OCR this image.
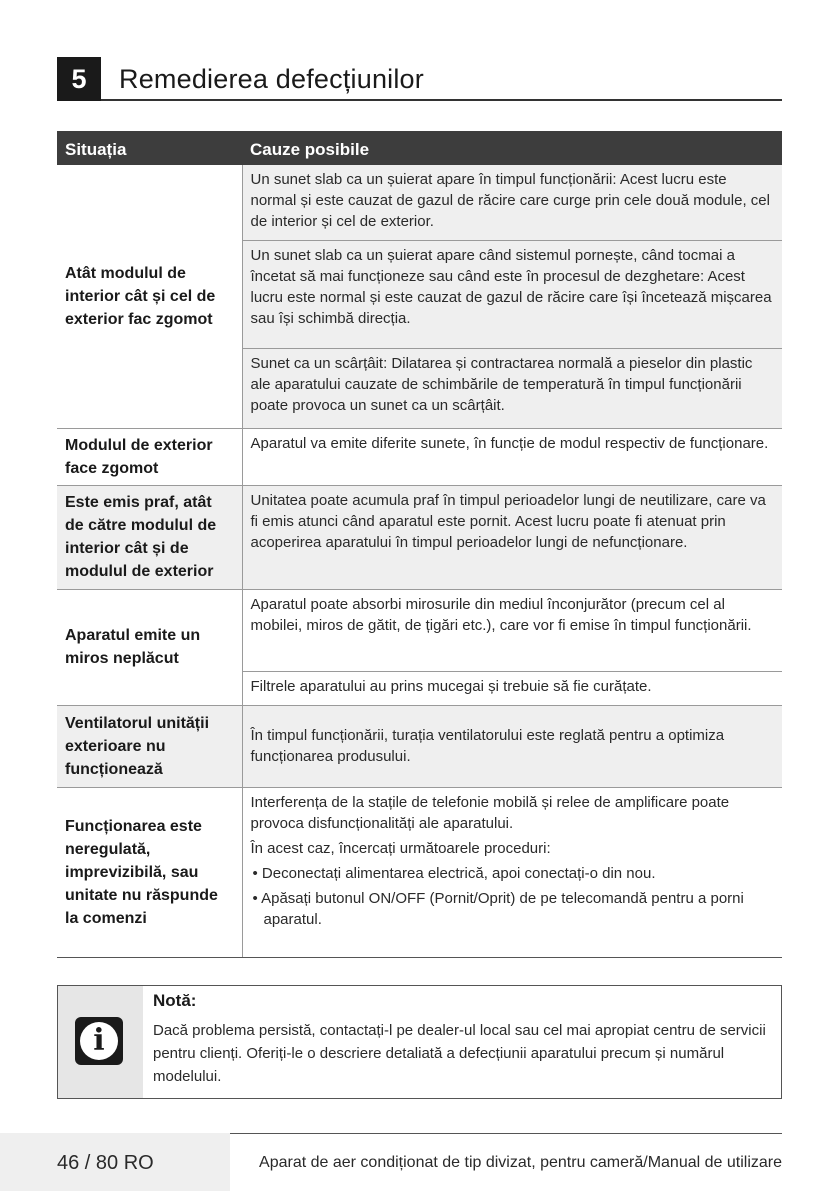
5	Remedierea defecțiunilor
Situația	Cauze posibile
Atât modulul de interior cât și cel de exterior fac zgomot	Un sunet slab ca un șuierat apare în timpul funcționării: Acest lucru este normal și este cauzat de gazul de răcire care curge prin cele două module, cel de interior și cel de exterior.
	Un sunet slab ca un șuierat apare când sistemul pornește, când tocmai a încetat să mai funcționeze sau când este în procesul de dezghetare: Acest lucru este normal și este cauzat de gazul de răcire care își încetează mișcarea sau își schimbă direcția.
	Sunet ca un scârțâit: Dilatarea și contractarea normală a pieselor din plastic ale aparatului cauzate de schimbările de temperatură în timpul funcționării poate provoca un sunet ca un scârțâit.
Modulul de exterior face zgomot	Aparatul va emite diferite sunete, în funcție de modul respectiv de funcționare.
Este emis praf, atât de către modulul de interior cât și de modulul de exterior	Unitatea poate acumula praf în timpul perioadelor lungi de neutilizare, care va fi emis atunci când aparatul este pornit. Acest lucru poate fi atenuat prin acoperirea aparatului în timpul perioadelor lungi de nefuncționare.
Aparatul emite un miros neplăcut	Aparatul poate absorbi mirosurile din mediul înconjurător (precum cel al mobilei, miros de gătit, de țigări etc.), care vor fi emise în timpul funcționării.
	Filtrele aparatului au prins mucegai și trebuie să fie curățate.
Ventilatorul unității exterioare nu funcționează	În timpul funcționării, turația ventilatorului este reglată pentru a optimiza funcționarea produsului.
Funcționarea este neregulată, imprevizibilă, sau unitate nu răspunde la comenzi	Interferența de la stațile de telefonie mobilă și relee de amplificare poate provoca disfuncționalități ale aparatului.
În acest caz, încercați următoarele proceduri:
• Deconectați alimentarea electrică, apoi conectați-o din nou.
• Apăsați butonul ON/OFF (Pornit/Oprit) de pe telecomandă pentru a porni aparatul.
i
Notă:
Dacă problema persistă, contactați-l pe dealer-ul local sau cel mai apropiat centru de servicii pentru clienți. Oferiți-le o descriere detaliată a defecțiunii aparatului precum și numărul modelului.
46 / 80 RO	Aparat de aer condiționat de tip divizat, pentru cameră/Manual de utilizare
